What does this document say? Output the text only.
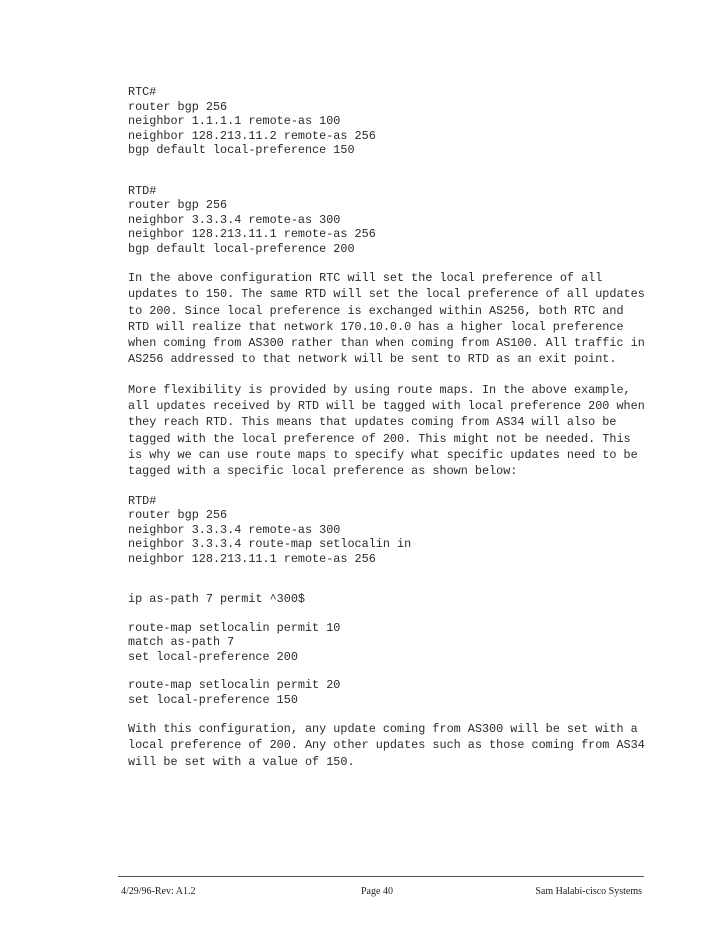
RTC#
router bgp 256
neighbor 1.1.1.1 remote-as 100
neighbor 128.213.11.2 remote-as 256
bgp default local-preference 150
RTD#
router bgp 256
neighbor 3.3.3.4 remote-as 300
neighbor 128.213.11.1 remote-as 256
bgp default local-preference 200
In the above configuration RTC will set the local preference of all
updates to 150. The same RTD will set the local preference of all updates
to 200. Since local preference is exchanged within AS256, both RTC and
RTD will realize that network 170.10.0.0 has a higher local preference
when coming from AS300 rather than when coming from AS100. All traffic in
AS256 addressed to that network will be sent to RTD as an exit point.
More flexibility is provided by using route maps. In the above example,
all updates received by RTD will be tagged with local preference 200 when
they reach RTD. This means that updates coming from AS34 will also be
tagged with the local preference of 200. This might not be needed. This
is why we can use route maps to specify what specific updates need to be
tagged with a specific local preference as shown below:
RTD#
router bgp 256
neighbor 3.3.3.4 remote-as 300
neighbor 3.3.3.4 route-map setlocalin in
neighbor 128.213.11.1 remote-as 256
ip as-path 7 permit ^300$
route-map setlocalin permit 10
match as-path 7
set local-preference 200
route-map setlocalin permit 20
set local-preference 150
With this configuration, any update coming from AS300 will be set with a
local preference of 200. Any other updates such as those coming from AS34
will be set with a value of 150.
4/29/96-Rev: A1.2	Page 40	Sam Halabi-cisco Systems
